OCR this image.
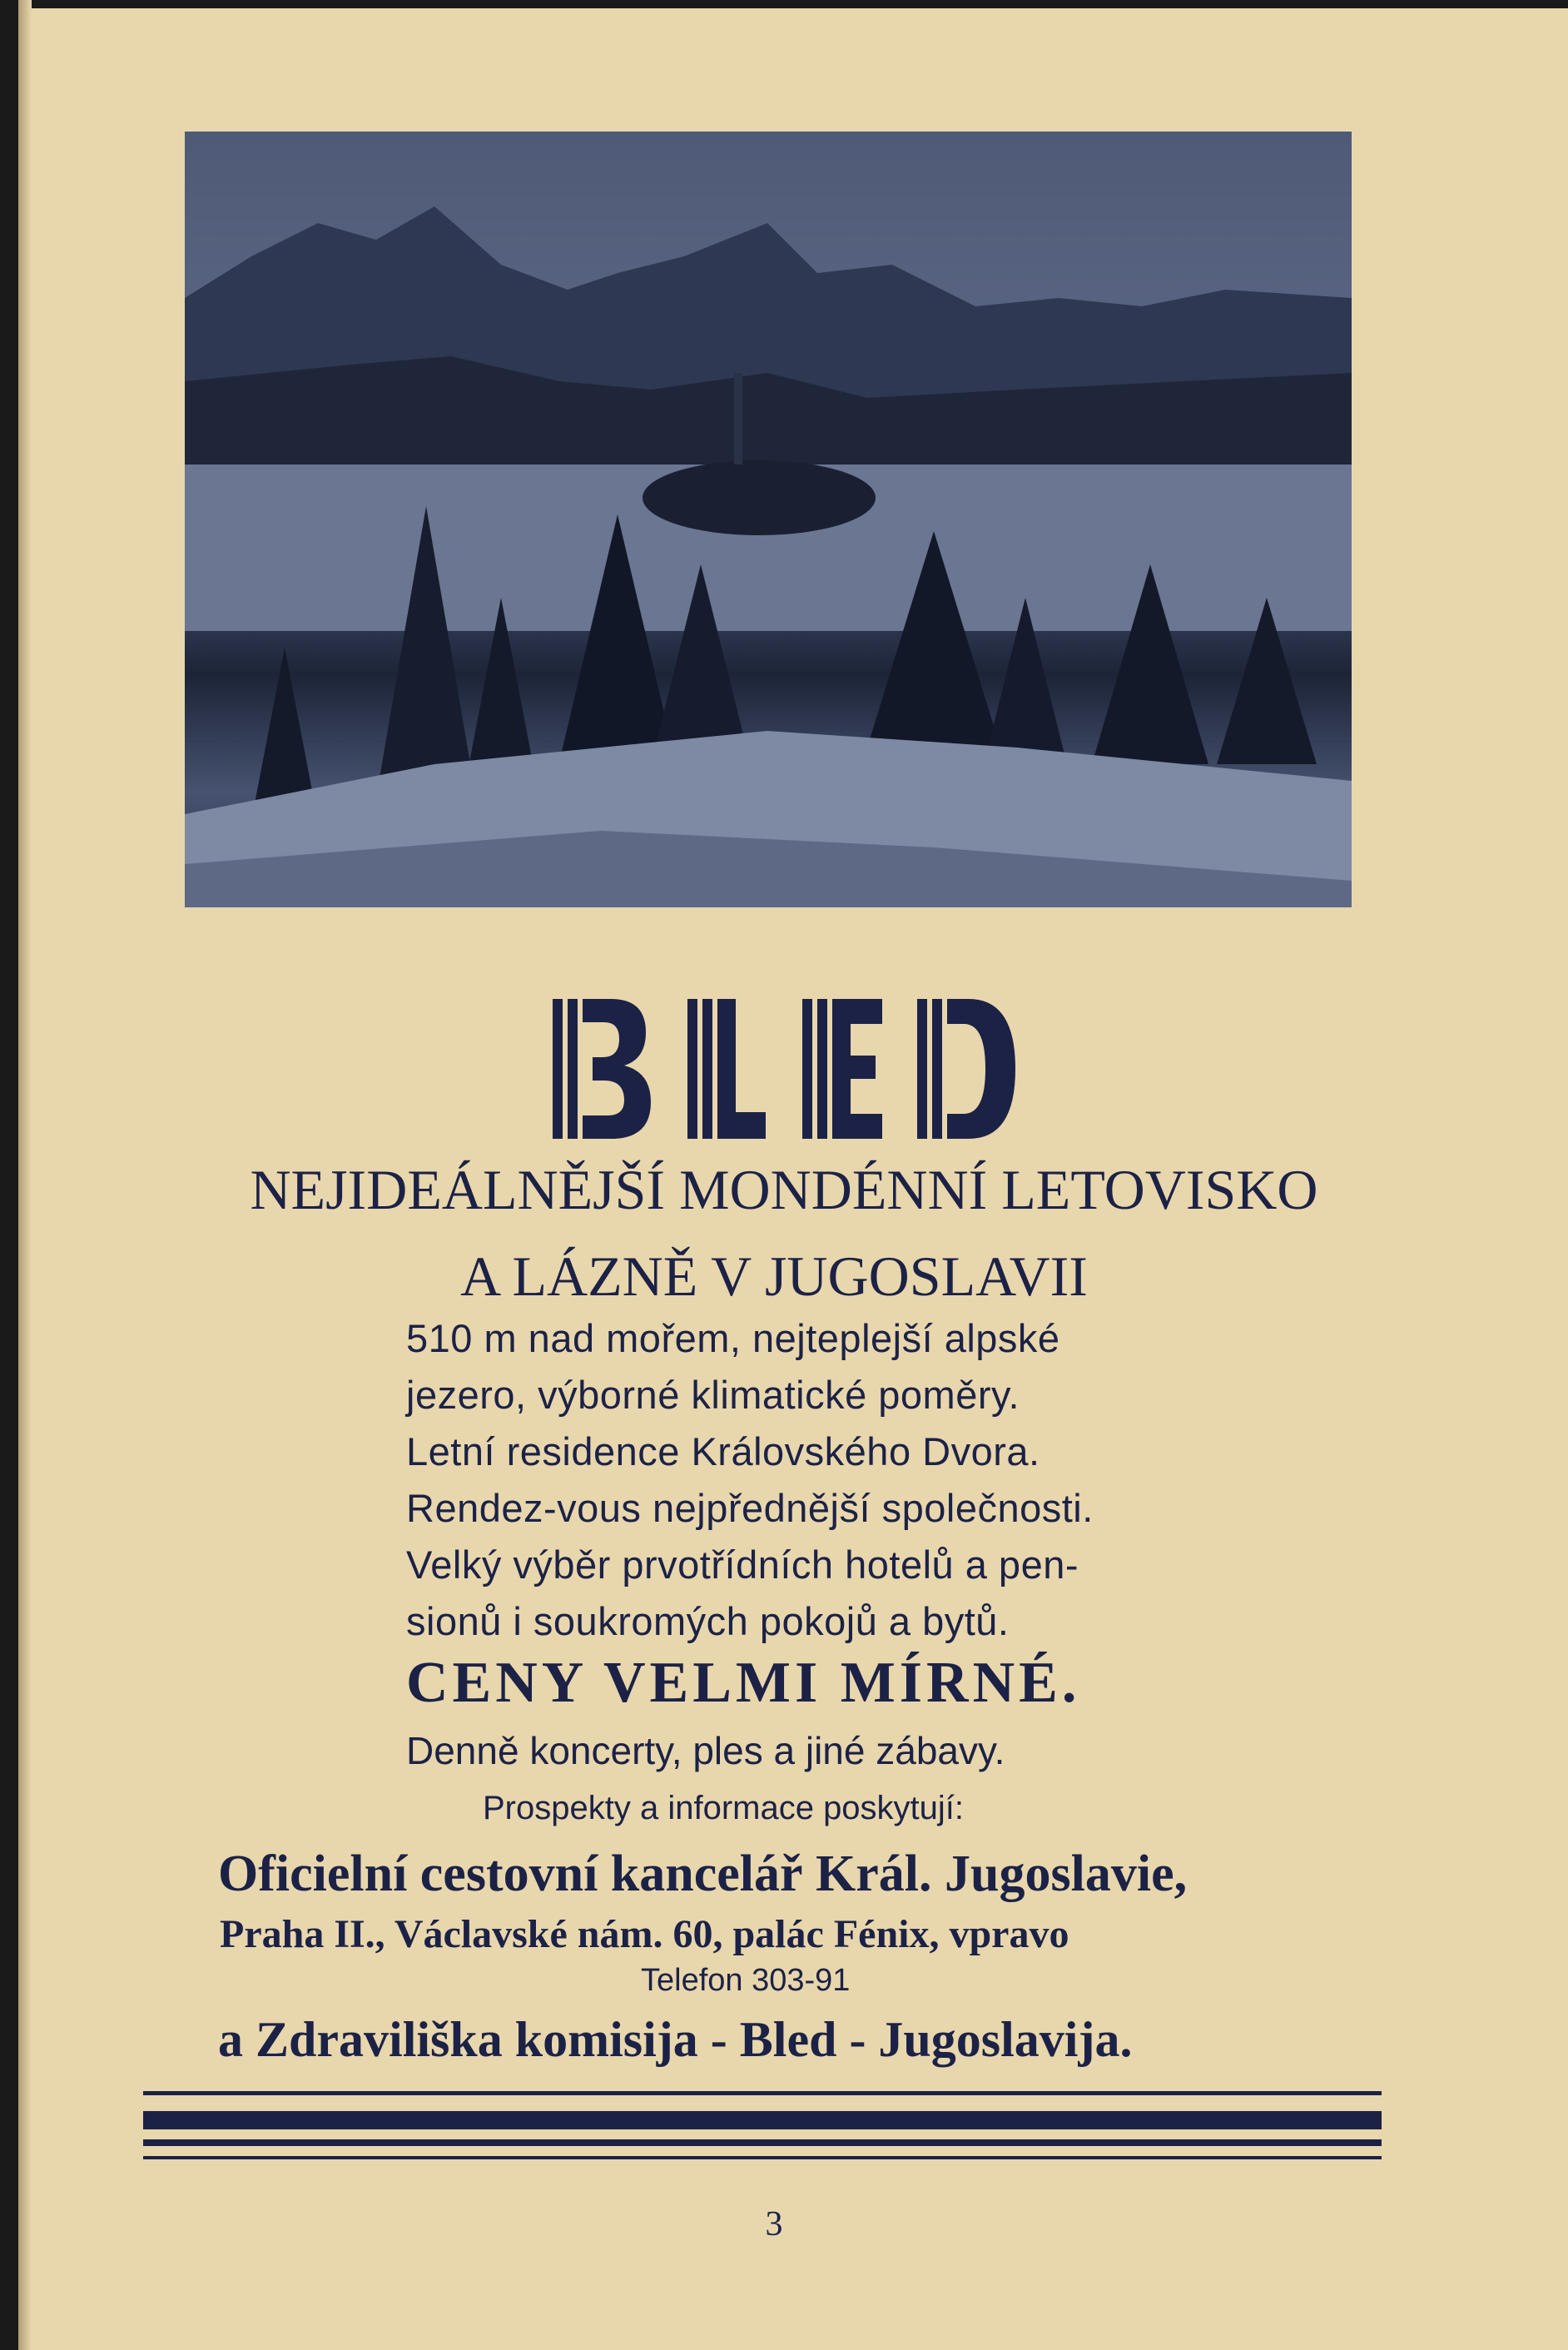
NEJIDEÁLNĚJŠÍ MONDÉNNÍ LETOVISKO
A LÁZNĚ V JUGOSLAVII
510 m nad mořem, nejteplejší alpské
jezero, výborné klimatické poměry.
Letní residence Královského Dvora.
Rendez-vous nejpřednější společnosti.
Velký výběr prvotřídních hotelů a pen-
sionů i soukromých pokojů a bytů.
CENY VELMI MÍRNÉ.
Denně koncerty, ples a jiné zábavy.
Prospekty a informace poskytují:
Oficielní cestovní kancelář Král. Jugoslavie,
Praha II., Václavské nám. 60, palác Fénix, vpravo
Telefon 303-91
a Zdraviliška komisija - Bled - Jugoslavija.
3
